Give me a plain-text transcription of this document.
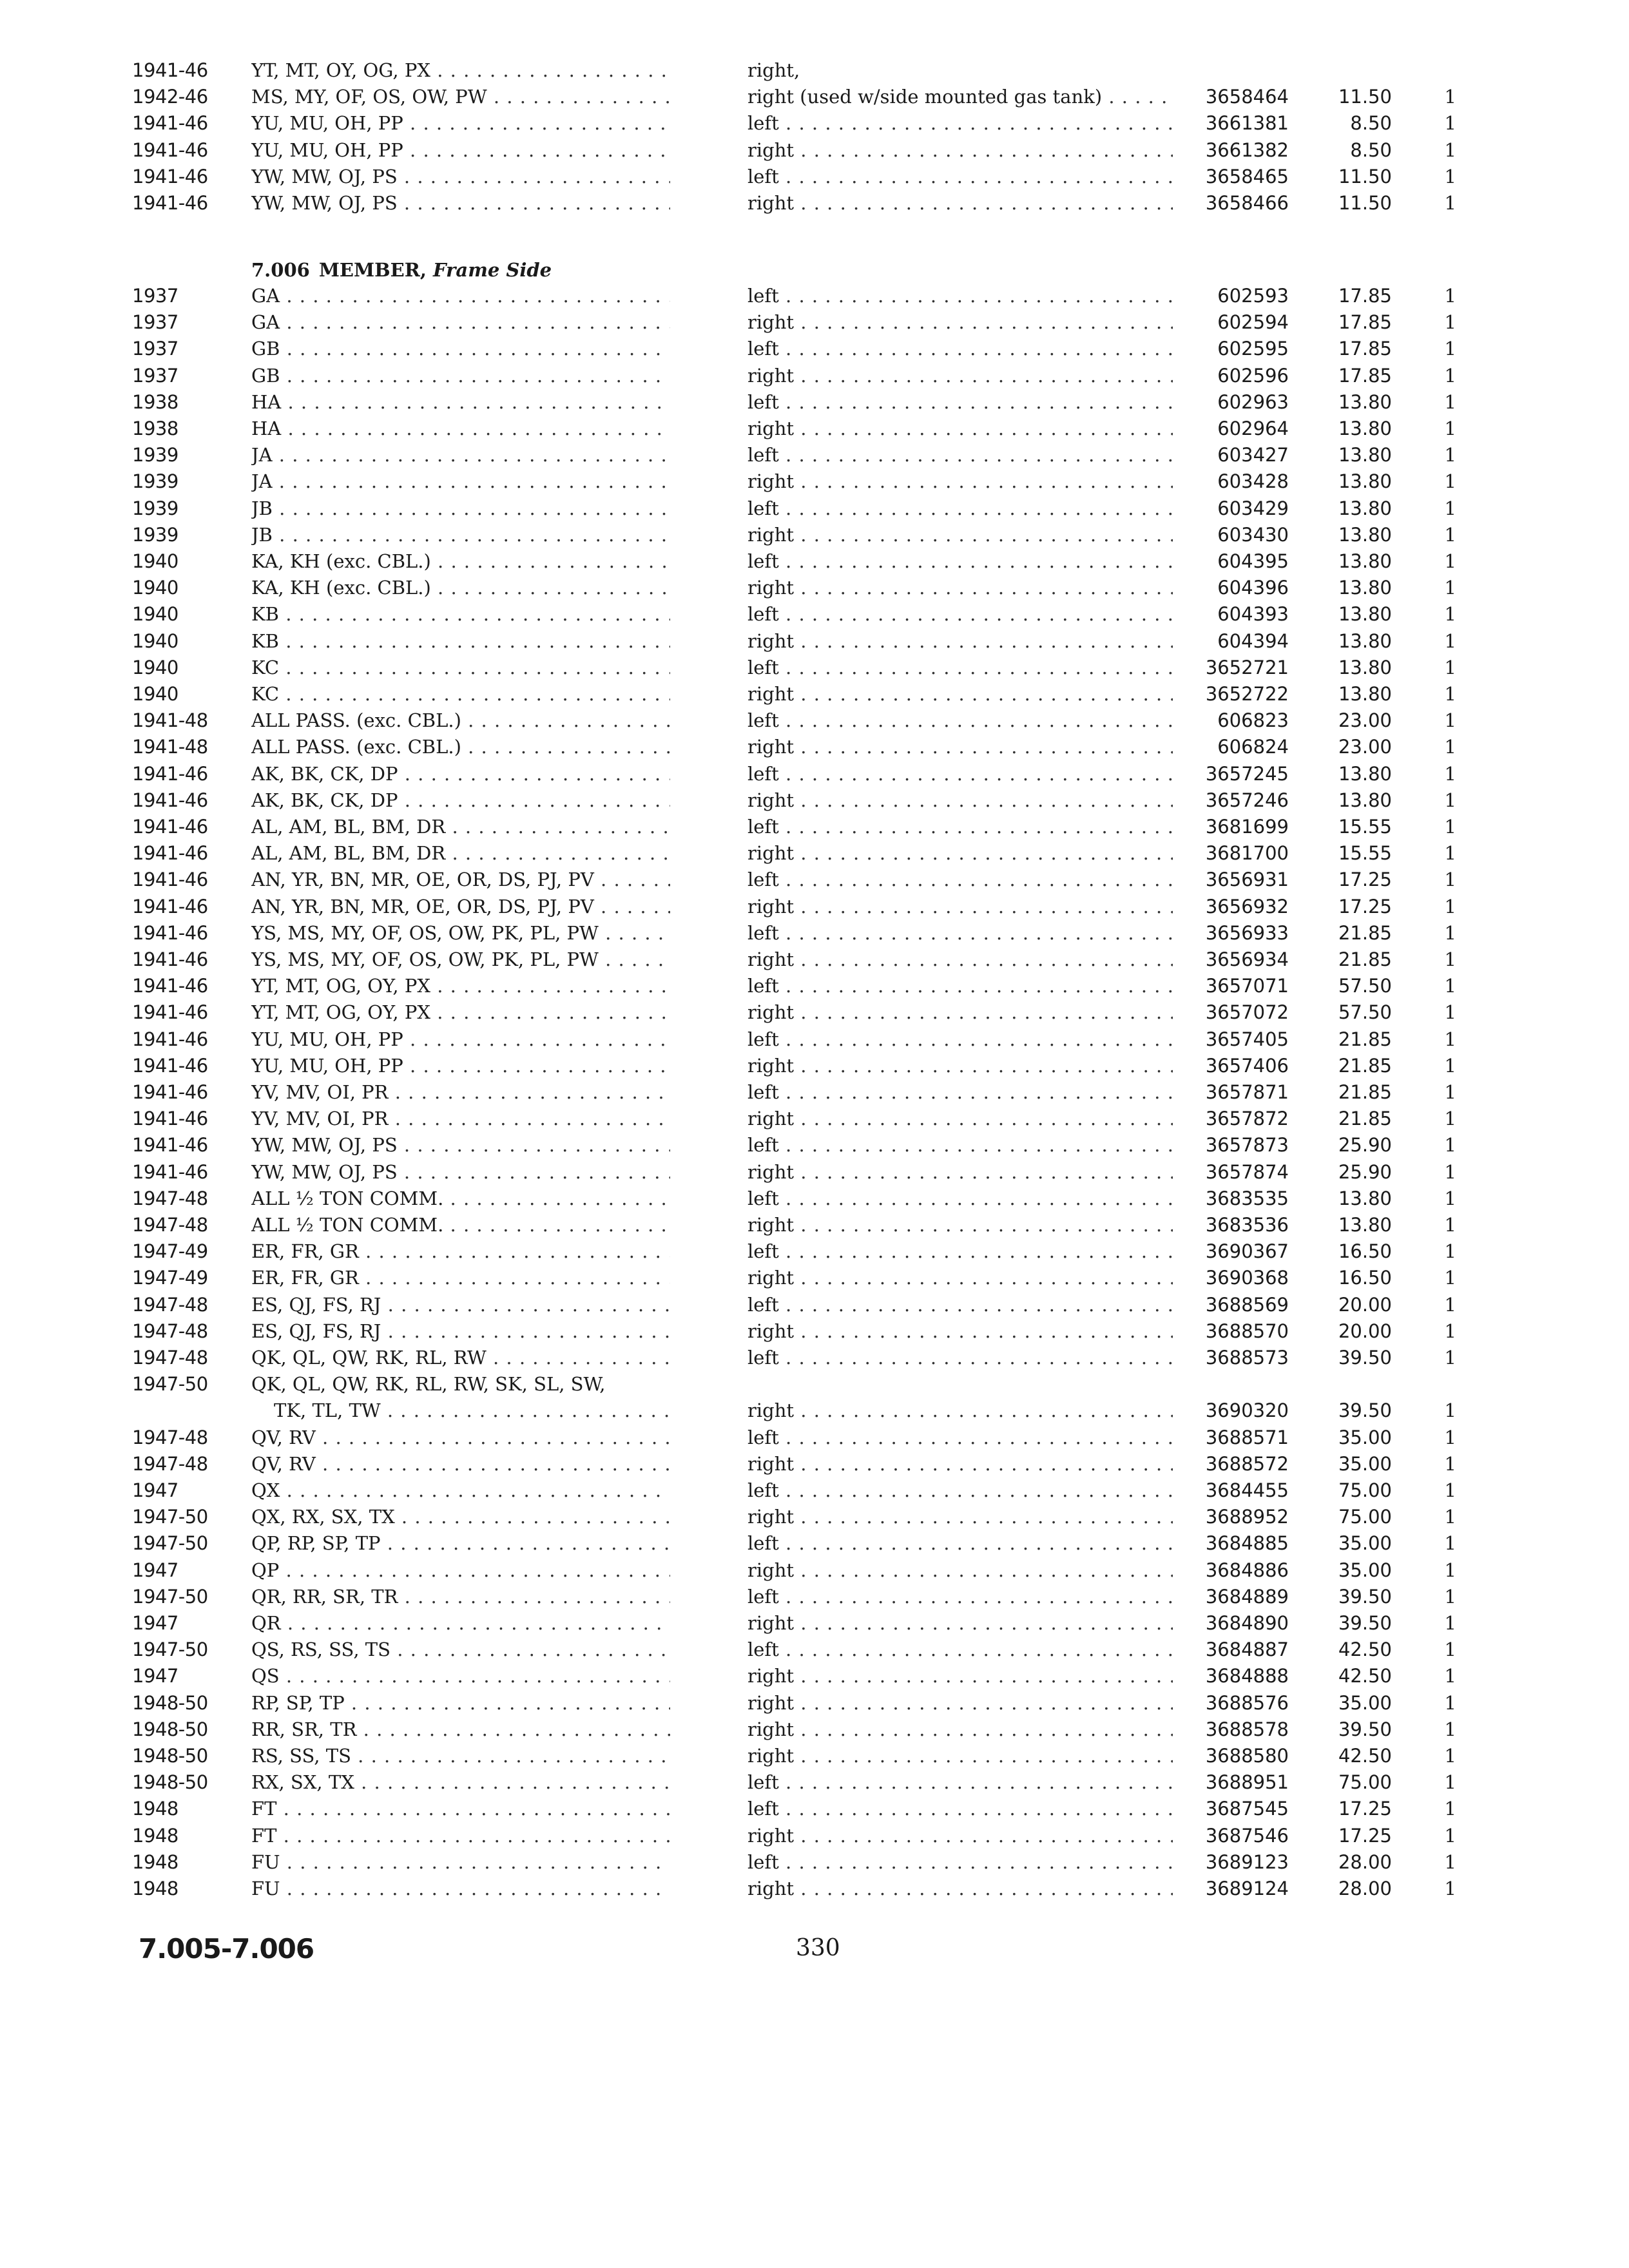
1941-46	YT, MT, OY, OG, PX . . .	right,
1942-46	MS, MY, OF, OS, OW, PW . . .	right (used w/side mounted gas tank) . . .	3658464	11.50	1
1941-46	YU, MU, OH, PP . . .	left . . .	3661381	8.50	1
1941-46	YU, MU, OH, PP . . .	right . . .	3661382	8.50	1
1941-46	YW, MW, OJ, PS . . .	left . . .	3658465	11.50	1
1941-46	YW, MW, OJ, PS . . .	right . . .	3658466	11.50	1
7.006 MEMBER, Frame Side
1937	GA . . .	left . . .	602593	17.85	1
1937	GA . . .	right . . .	602594	17.85	1
1937	GB . . .	left . . .	602595	17.85	1
1937	GB . . .	right . . .	602596	17.85	1
1938	HA . . .	left . . .	602963	13.80	1
1938	HA . . .	right . . .	602964	13.80	1
1939	JA . . .	left . . .	603427	13.80	1
1939	JA . . .	right . . .	603428	13.80	1
1939	JB . . .	left . . .	603429	13.80	1
1939	JB . . .	right . . .	603430	13.80	1
1940	KA, KH (exc. CBL.) . . .	left . . .	604395	13.80	1
1940	KA, KH (exc. CBL.) . . .	right . . .	604396	13.80	1
1940	KB . . .	left . . .	604393	13.80	1
1940	KB . . .	right . . .	604394	13.80	1
1940	KC . . .	left . . .	3652721	13.80	1
1940	KC . . .	right . . .	3652722	13.80	1
1941-48	ALL PASS. (exc. CBL.) . . .	left . . .	606823	23.00	1
1941-48	ALL PASS. (exc. CBL.) . . .	right . . .	606824	23.00	1
1941-46	AK, BK, CK, DP . . .	left . . .	3657245	13.80	1
1941-46	AK, BK, CK, DP . . .	right . . .	3657246	13.80	1
1941-46	AL, AM, BL, BM, DR . . .	left . . .	3681699	15.55	1
1941-46	AL, AM, BL, BM, DR . . .	right . . .	3681700	15.55	1
1941-46	AN, YR, BN, MR, OE, OR, DS, PJ, PV . . .	left . . .	3656931	17.25	1
1941-46	AN, YR, BN, MR, OE, OR, DS, PJ, PV . . .	right . . .	3656932	17.25	1
1941-46	YS, MS, MY, OF, OS, OW, PK, PL, PW . . .	left . . .	3656933	21.85	1
1941-46	YS, MS, MY, OF, OS, OW, PK, PL, PW . . .	right . . .	3656934	21.85	1
1941-46	YT, MT, OG, OY, PX . . .	left . . .	3657071	57.50	1
1941-46	YT, MT, OG, OY, PX . . .	right . . .	3657072	57.50	1
1941-46	YU, MU, OH, PP . . .	left . . .	3657405	21.85	1
1941-46	YU, MU, OH, PP . . .	right . . .	3657406	21.85	1
1941-46	YV, MV, OI, PR . . .	left . . .	3657871	21.85	1
1941-46	YV, MV, OI, PR . . .	right . . .	3657872	21.85	1
1941-46	YW, MW, OJ, PS . . .	left . . .	3657873	25.90	1
1941-46	YW, MW, OJ, PS . . .	right . . .	3657874	25.90	1
1947-48	ALL ½ TON COMM. . . .	left . . .	3683535	13.80	1
1947-48	ALL ½ TON COMM. . . .	right . . .	3683536	13.80	1
1947-49	ER, FR, GR . . .	left . . .	3690367	16.50	1
1947-49	ER, FR, GR . . .	right . . .	3690368	16.50	1
1947-48	ES, QJ, FS, RJ . . .	left . . .	3688569	20.00	1
1947-48	ES, QJ, FS, RJ . . .	right . . .	3688570	20.00	1
1947-48	QK, QL, QW, RK, RL, RW . . .	left . . .	3688573	39.50	1
1947-50	QK, QL, QW, RK, RL, RW, SK, SL, SW,
TK, TL, TW . . .	right . . .	3690320	39.50	1
1947-48	QV, RV . . .	left . . .	3688571	35.00	1
1947-48	QV, RV . . .	right . . .	3688572	35.00	1
1947	QX . . .	left . . .	3684455	75.00	1
1947-50	QX, RX, SX, TX . . .	right . . .	3688952	75.00	1
1947-50	QP, RP, SP, TP . . .	left . . .	3684885	35.00	1
1947	QP . . .	right . . .	3684886	35.00	1
1947-50	QR, RR, SR, TR . . .	left . . .	3684889	39.50	1
1947	QR . . .	right . . .	3684890	39.50	1
1947-50	QS, RS, SS, TS . . .	left . . .	3684887	42.50	1
1947	QS . . .	right . . .	3684888	42.50	1
1948-50	RP, SP, TP . . .	right . . .	3688576	35.00	1
1948-50	RR, SR, TR . . .	right . . .	3688578	39.50	1
1948-50	RS, SS, TS . . .	right . . .	3688580	42.50	1
1948-50	RX, SX, TX . . .	left . . .	3688951	75.00	1
1948	FT . . .	left . . .	3687545	17.25	1
1948	FT . . .	right . . .	3687546	17.25	1
1948	FU . . .	left . . .	3689123	28.00	1
1948	FU . . .	right . . .	3689124	28.00	1
7.005-7.006	330
